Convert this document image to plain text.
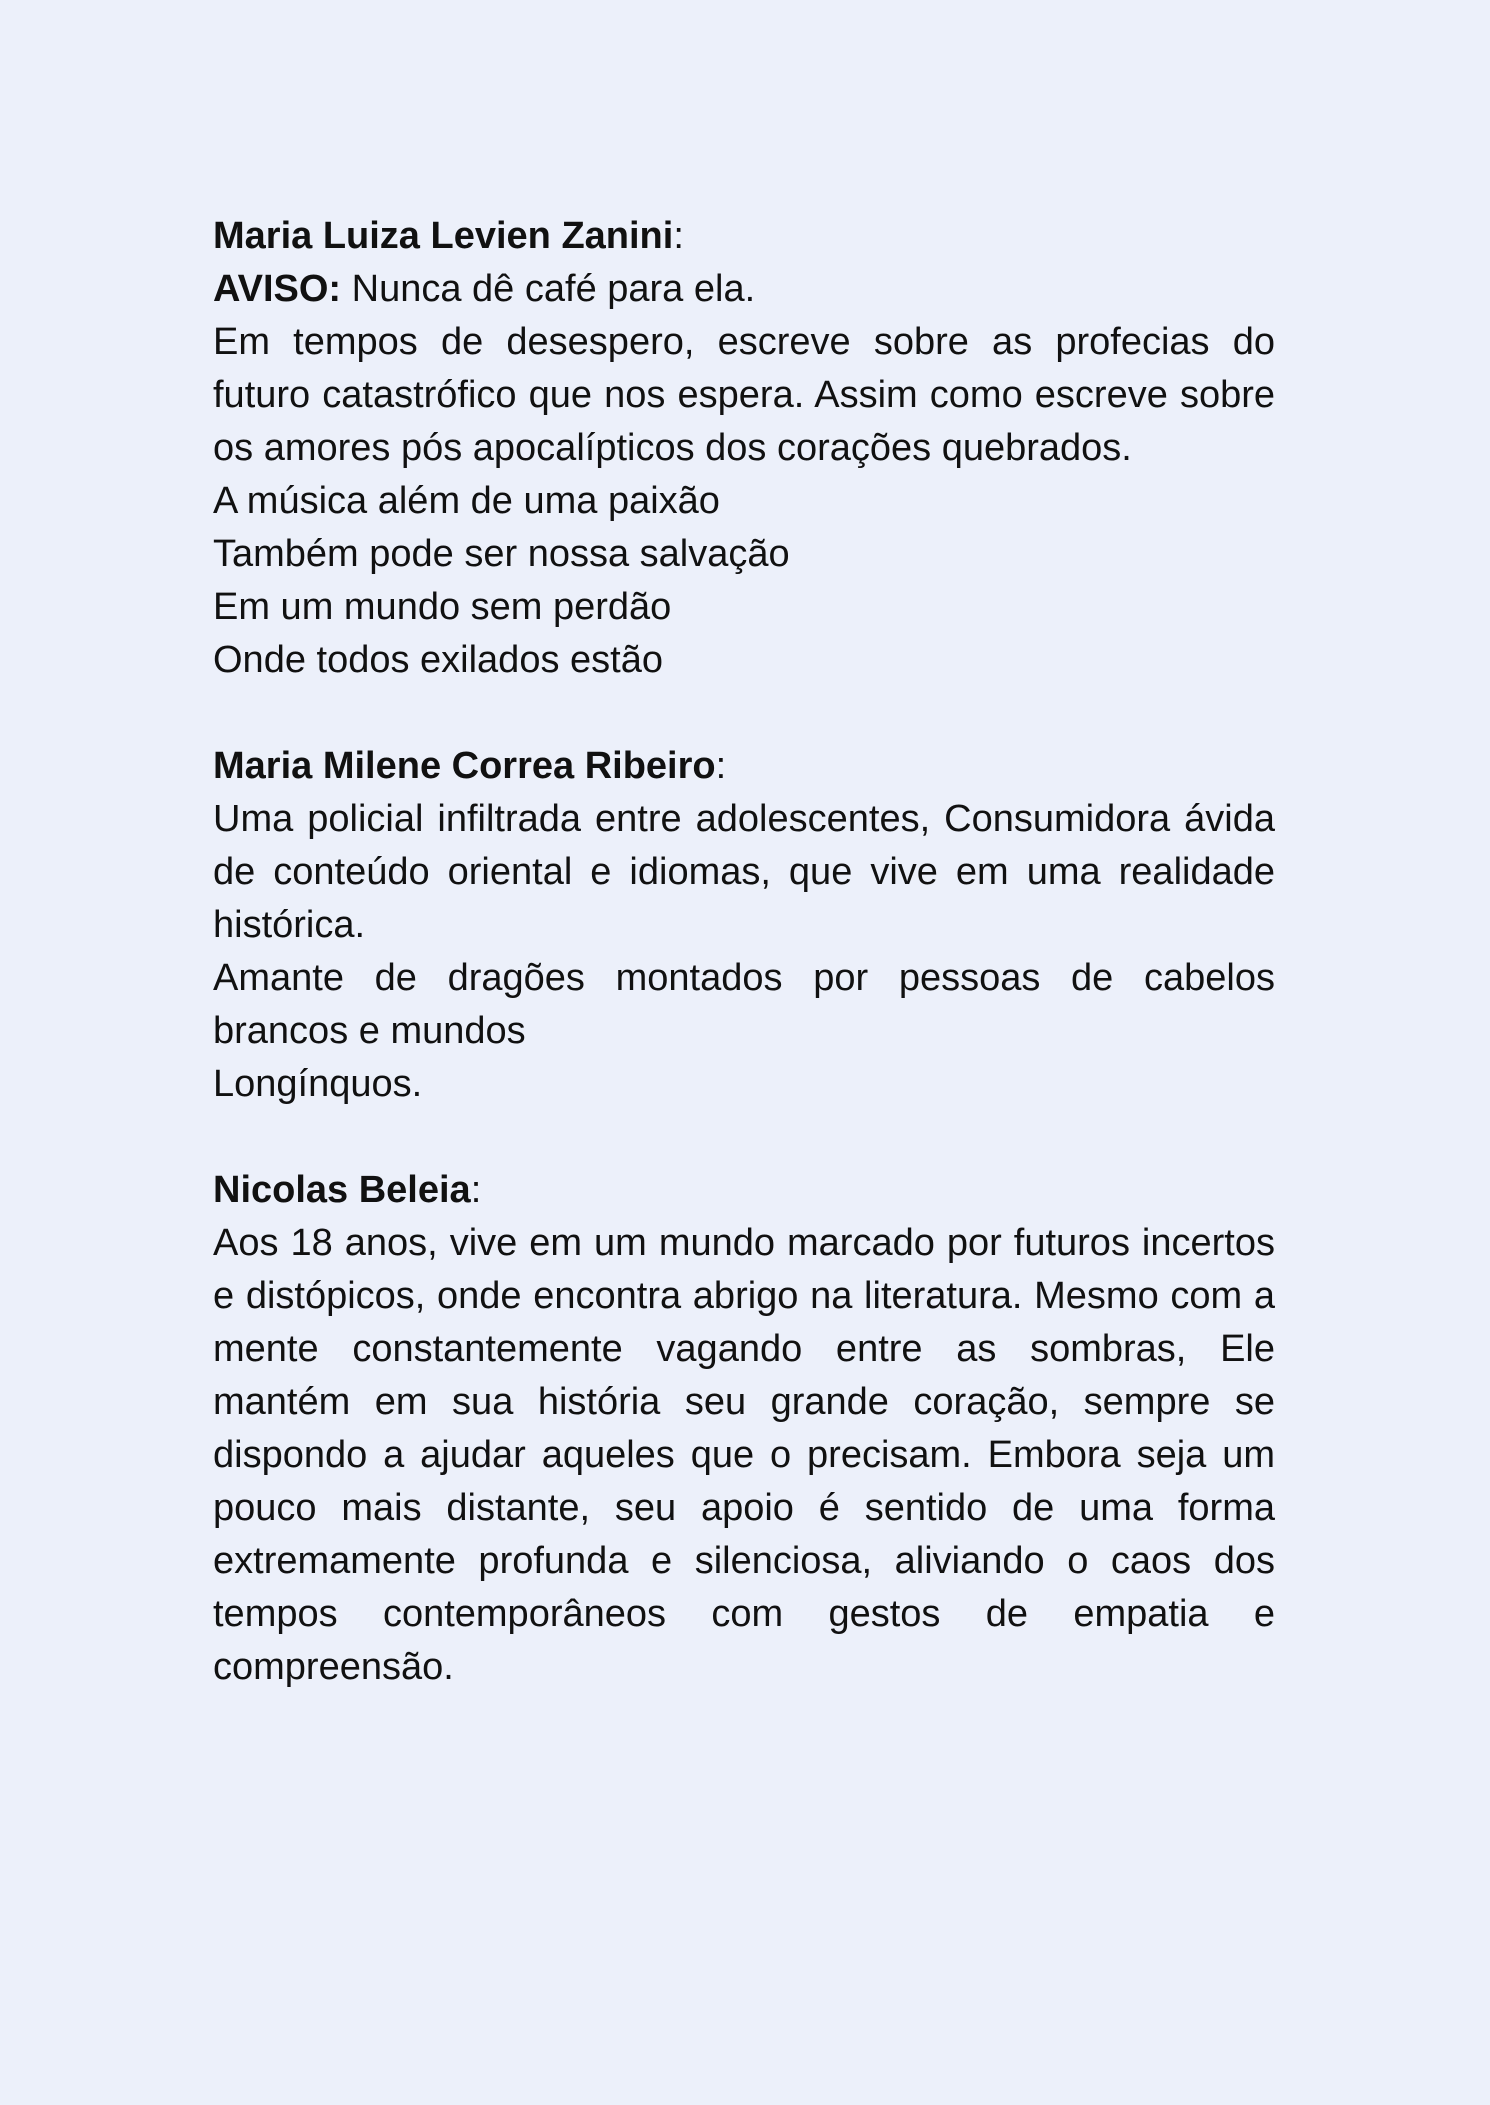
Maria Luiza Levien Zanini:
AVISO: Nunca dê café para ela.
Em tempos de desespero, escreve sobre as profecias do futuro catastrófico que nos espera. Assim como escreve sobre os amores pós apocalípticos dos corações quebrados.
A música além de uma paixão
Também pode ser nossa salvação
Em um mundo sem perdão
Onde todos exilados estão
Maria Milene Correa Ribeiro:
Uma policial infiltrada entre adolescentes, Consumidora ávida de conteúdo oriental e idiomas, que vive em uma realidade histórica.
Amante de dragões montados por pessoas de cabelos brancos e mundos
Longínquos.
Nicolas Beleia:
Aos 18 anos, vive em um mundo marcado por futuros incertos e distópicos, onde encontra abrigo na literatura. Mesmo com a mente constantemente vagando entre as sombras, Ele mantém em sua história seu grande coração, sempre se dispondo a ajudar aqueles que o precisam. Embora seja um pouco mais distante, seu apoio é sentido de uma forma extremamente profunda e silenciosa, aliviando o caos dos tempos contemporâneos com gestos de empatia e compreensão.
